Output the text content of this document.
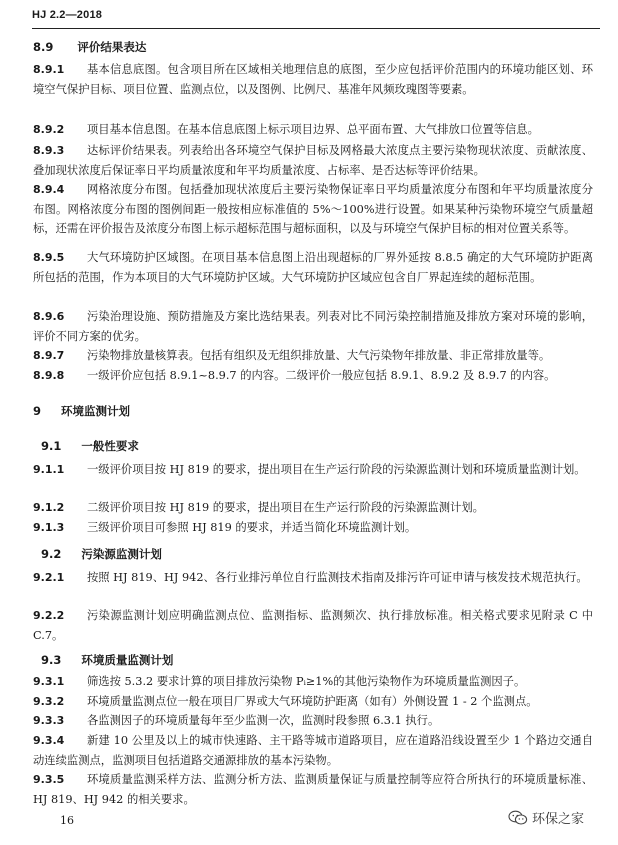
HJ 2.2—2018
8.9 评价结果表达
8.9.1	基本信息底图。包含项目所在区域相关地理信息的底图，至少应包括评价范围内的环境功能区划、环境空气保护目标、项目位置、监测点位，以及图例、比例尺、基准年风频玫瑰图等要素。
8.9.2	项目基本信息图。在基本信息底图上标示项目边界、总平面布置、大气排放口位置等信息。
8.9.3	达标评价结果表。列表给出各环境空气保护目标及网格最大浓度点主要污染物现状浓度、贡献浓度、叠加现状浓度后保证率日平均质量浓度和年平均质量浓度、占标率、是否达标等评价结果。
8.9.4	网格浓度分布图。包括叠加现状浓度后主要污染物保证率日平均质量浓度分布图和年平均质量浓度分布图。网格浓度分布图的图例间距一般按相应标准值的 5%～100%进行设置。如果某种污染物环境空气质量超标，还需在评价报告及浓度分布图上标示超标范围与超标面积，以及与环境空气保护目标的相对位置关系等。
8.9.5	大气环境防护区域图。在项目基本信息图上沿出现超标的厂界外延按 8.8.5 确定的大气环境防护距离所包括的范围，作为本项目的大气环境防护区域。大气环境防护区域应包含自厂界起连续的超标范围。
8.9.6	污染治理设施、预防措施及方案比选结果表。列表对比不同污染控制措施及排放方案对环境的影响，评价不同方案的优劣。
8.9.7	污染物排放量核算表。包括有组织及无组织排放量、大气污染物年排放量、非正常排放量等。
8.9.8	一级评价应包括 8.9.1~8.9.7 的内容。二级评价一般应包括 8.9.1、8.9.2 及 8.9.7 的内容。
9 环境监测计划
9.1 一般性要求
9.1.1	一级评价项目按 HJ 819 的要求，提出项目在生产运行阶段的污染源监测计划和环境质量监测计划。
9.1.2	二级评价项目按 HJ 819 的要求，提出项目在生产运行阶段的污染源监测计划。
9.1.3	三级评价项目可参照 HJ 819 的要求，并适当简化环境监测计划。
9.2 污染源监测计划
9.2.1	按照 HJ 819、HJ 942、各行业排污单位自行监测技术指南及排污许可证申请与核发技术规范执行。
9.2.2	污染源监测计划应明确监测点位、监测指标、监测频次、执行排放标准。相关格式要求见附录 C 中 C.7。
9.3 环境质量监测计划
9.3.1	筛选按 5.3.2 要求计算的项目排放污染物 Pᵢ≥1%的其他污染物作为环境质量监测因子。
9.3.2	环境质量监测点位一般在项目厂界或大气环境防护距离（如有）外侧设置 1 - 2 个监测点。
9.3.3	各监测因子的环境质量每年至少监测一次，监测时段参照 6.3.1 执行。
9.3.4	新建 10 公里及以上的城市快速路、主干路等城市道路项目，应在道路沿线设置至少 1 个路边交通自动连续监测点，监测项目包括道路交通源排放的基本污染物。
9.3.5	环境质量监测采样方法、监测分析方法、监测质量保证与质量控制等应符合所执行的环境质量标准、HJ 819、HJ 942 的相关要求。
16	环保之家
